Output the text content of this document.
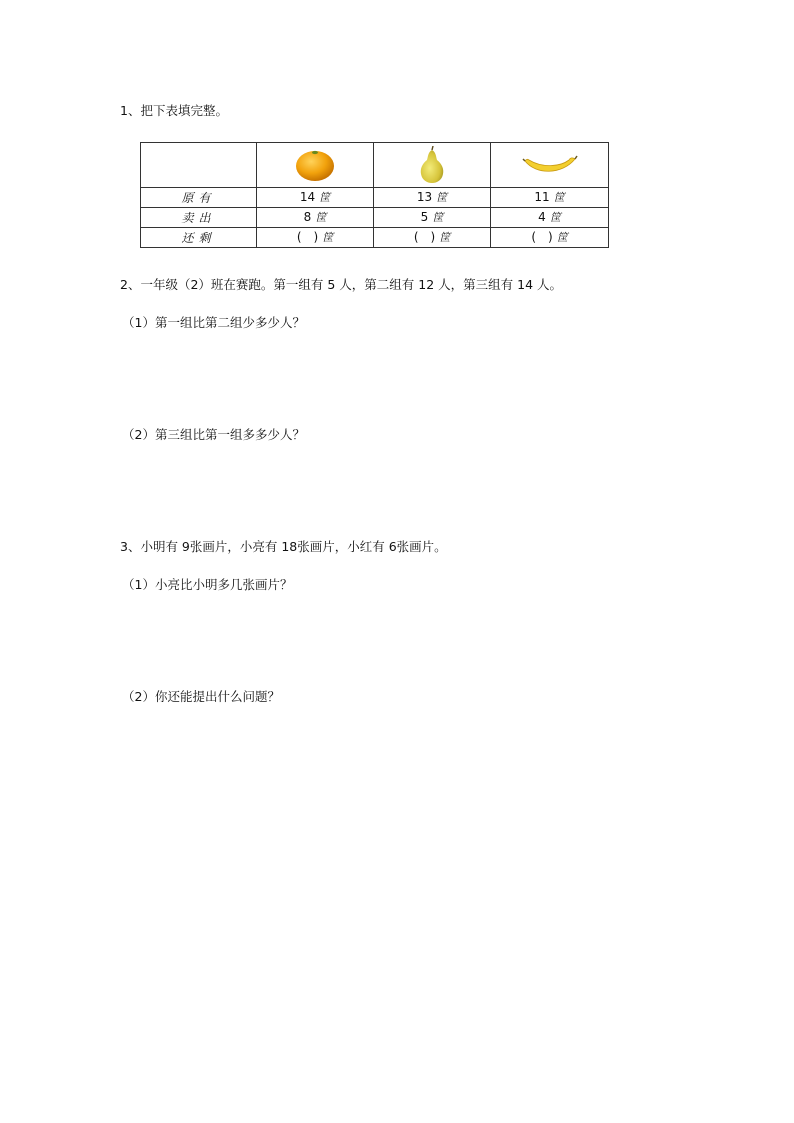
1、把下表填完整。

原有	14 筐	13 筐	11 筐
卖出	8 筐	5 筐	4 筐
还剩	(　) 筐	(　) 筐	(　) 筐
2、一年级（2）班在赛跑。第一组有 5 人，第二组有 12 人，第三组有 14 人。
（1）第一组比第二组少多少人？
（2）第三组比第一组多多少人？
3、小明有 9张画片，小亮有 18张画片，小红有 6张画片。
（1）小亮比小明多几张画片？
（2）你还能提出什么问题？
